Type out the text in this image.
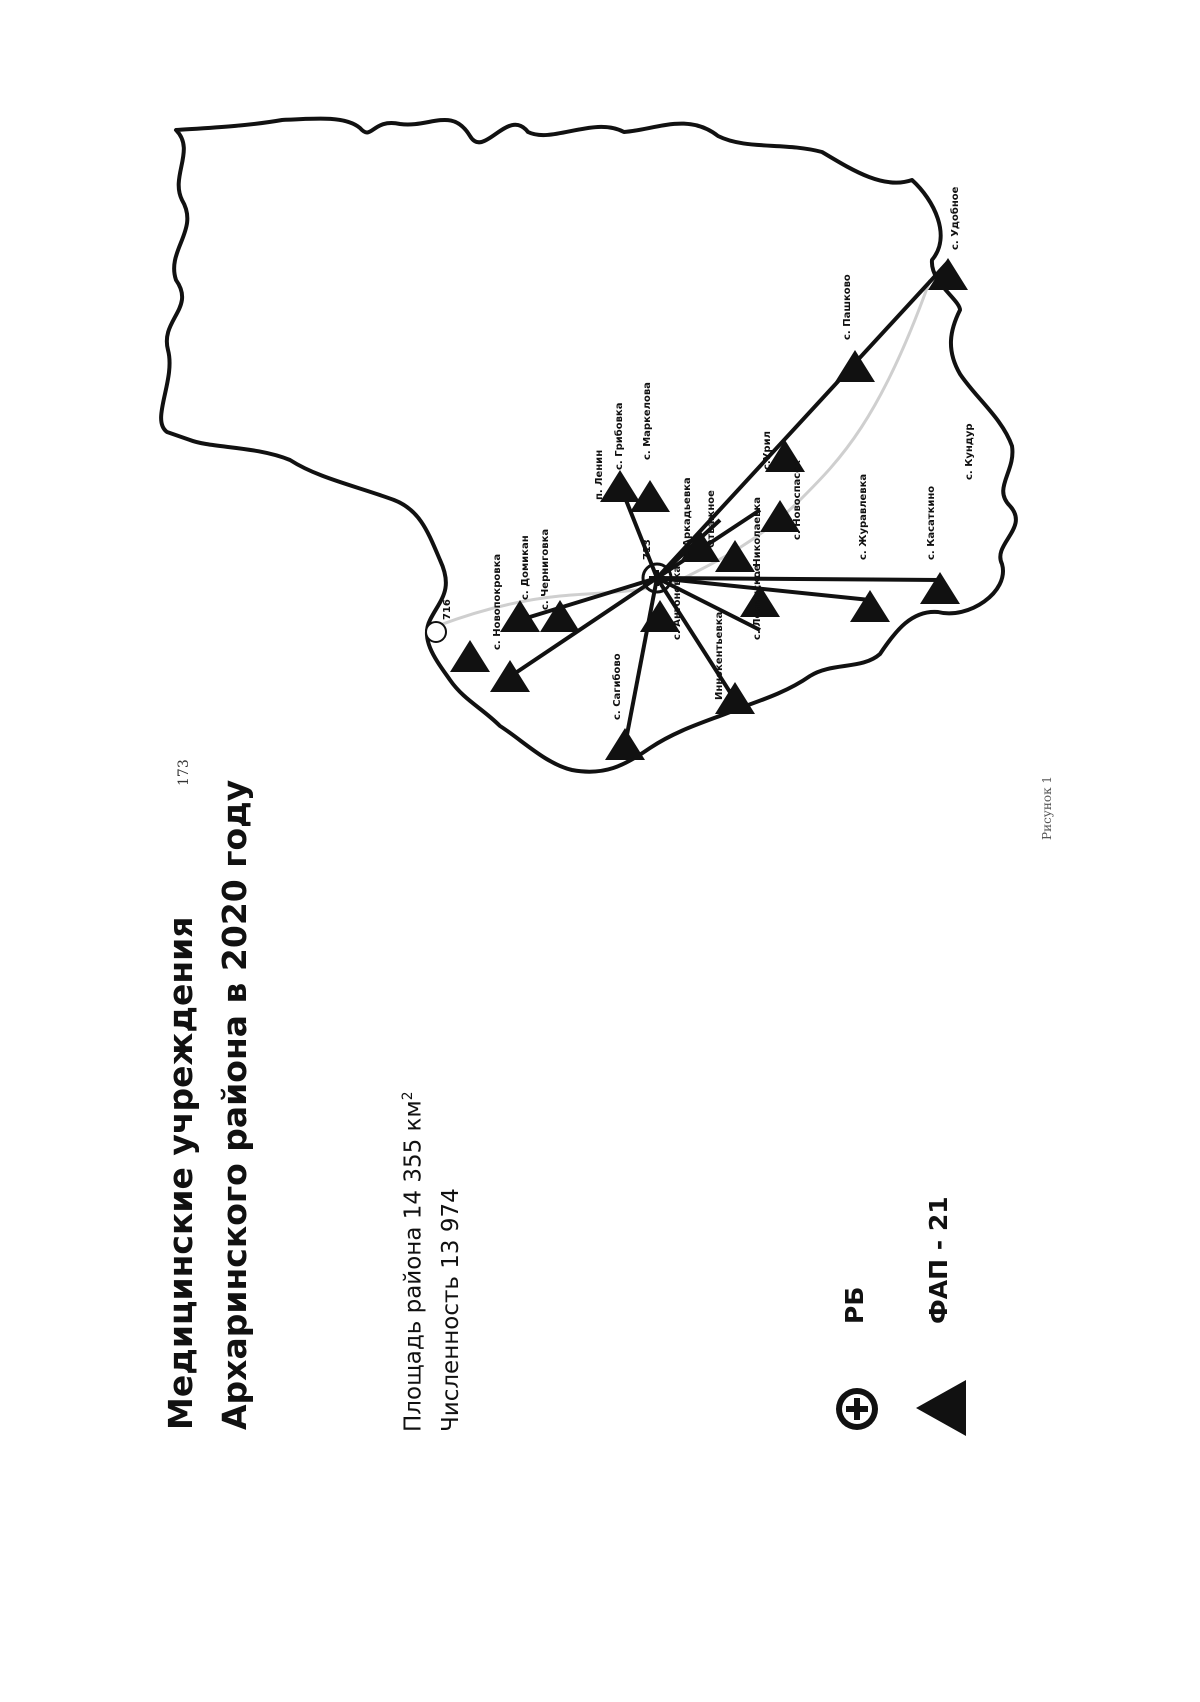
716
713
с. Грибовка с. Маркелова
с. Домикан
п. Ленин
с. Черниговка
с. Новопокровка
с. Сагибово
с. Антоновка
Иннокентьевка
с. Ленинское
с. Николаевка
с. Аркадьевка	с. Новоспасск
с.Урил
с. Пашково
с. Журавлевка	с. Касаткино
с. Кундур
с. Удобное
Отважное
173
Рисунок 1
Медицинские учреждения Архаринского района в 2020 году	Площадь района 14 355 $км^2$
Численность 13 974	РБ ФАП - 21
